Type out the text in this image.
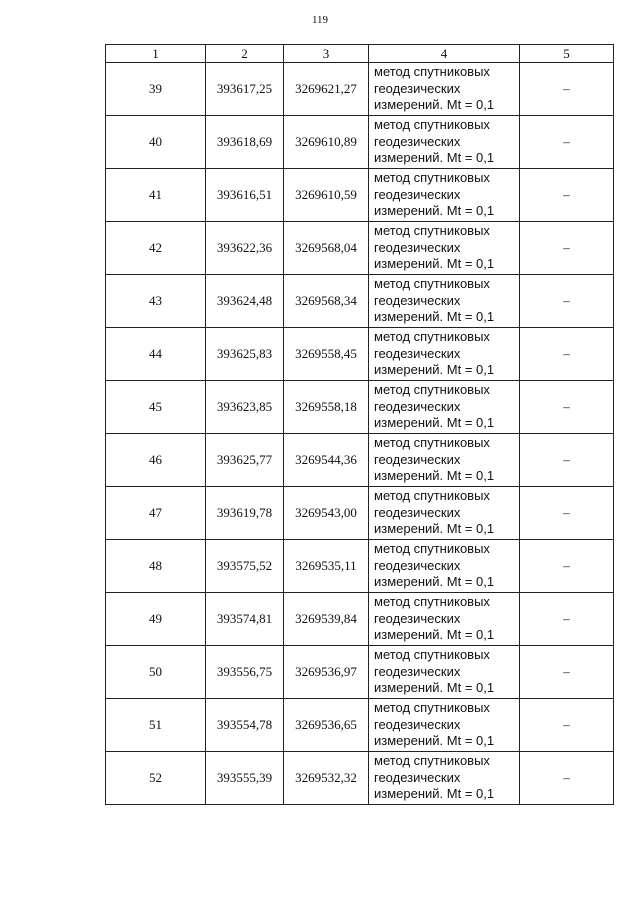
119
1	2	3	4	5
39	393617,25	3269621,27	метод спутниковых
геодезических
измерений. Mt = 0,1	–
40	393618,69	3269610,89	метод спутниковых
геодезических
измерений. Mt = 0,1	–
41	393616,51	3269610,59	метод спутниковых
геодезических
измерений. Mt = 0,1	–
42	393622,36	3269568,04	метод спутниковых
геодезических
измерений. Mt = 0,1	–
43	393624,48	3269568,34	метод спутниковых
геодезических
измерений. Mt = 0,1	–
44	393625,83	3269558,45	метод спутниковых
геодезических
измерений. Mt = 0,1	–
45	393623,85	3269558,18	метод спутниковых
геодезических
измерений. Mt = 0,1	–
46	393625,77	3269544,36	метод спутниковых
геодезических
измерений. Mt = 0,1	–
47	393619,78	3269543,00	метод спутниковых
геодезических
измерений. Mt = 0,1	–
48	393575,52	3269535,11	метод спутниковых
геодезических
измерений. Mt = 0,1	–
49	393574,81	3269539,84	метод спутниковых
геодезических
измерений. Mt = 0,1	–
50	393556,75	3269536,97	метод спутниковых
геодезических
измерений. Mt = 0,1	–
51	393554,78	3269536,65	метод спутниковых
геодезических
измерений. Mt = 0,1	–
52	393555,39	3269532,32	метод спутниковых
геодезических
измерений. Mt = 0,1	–
